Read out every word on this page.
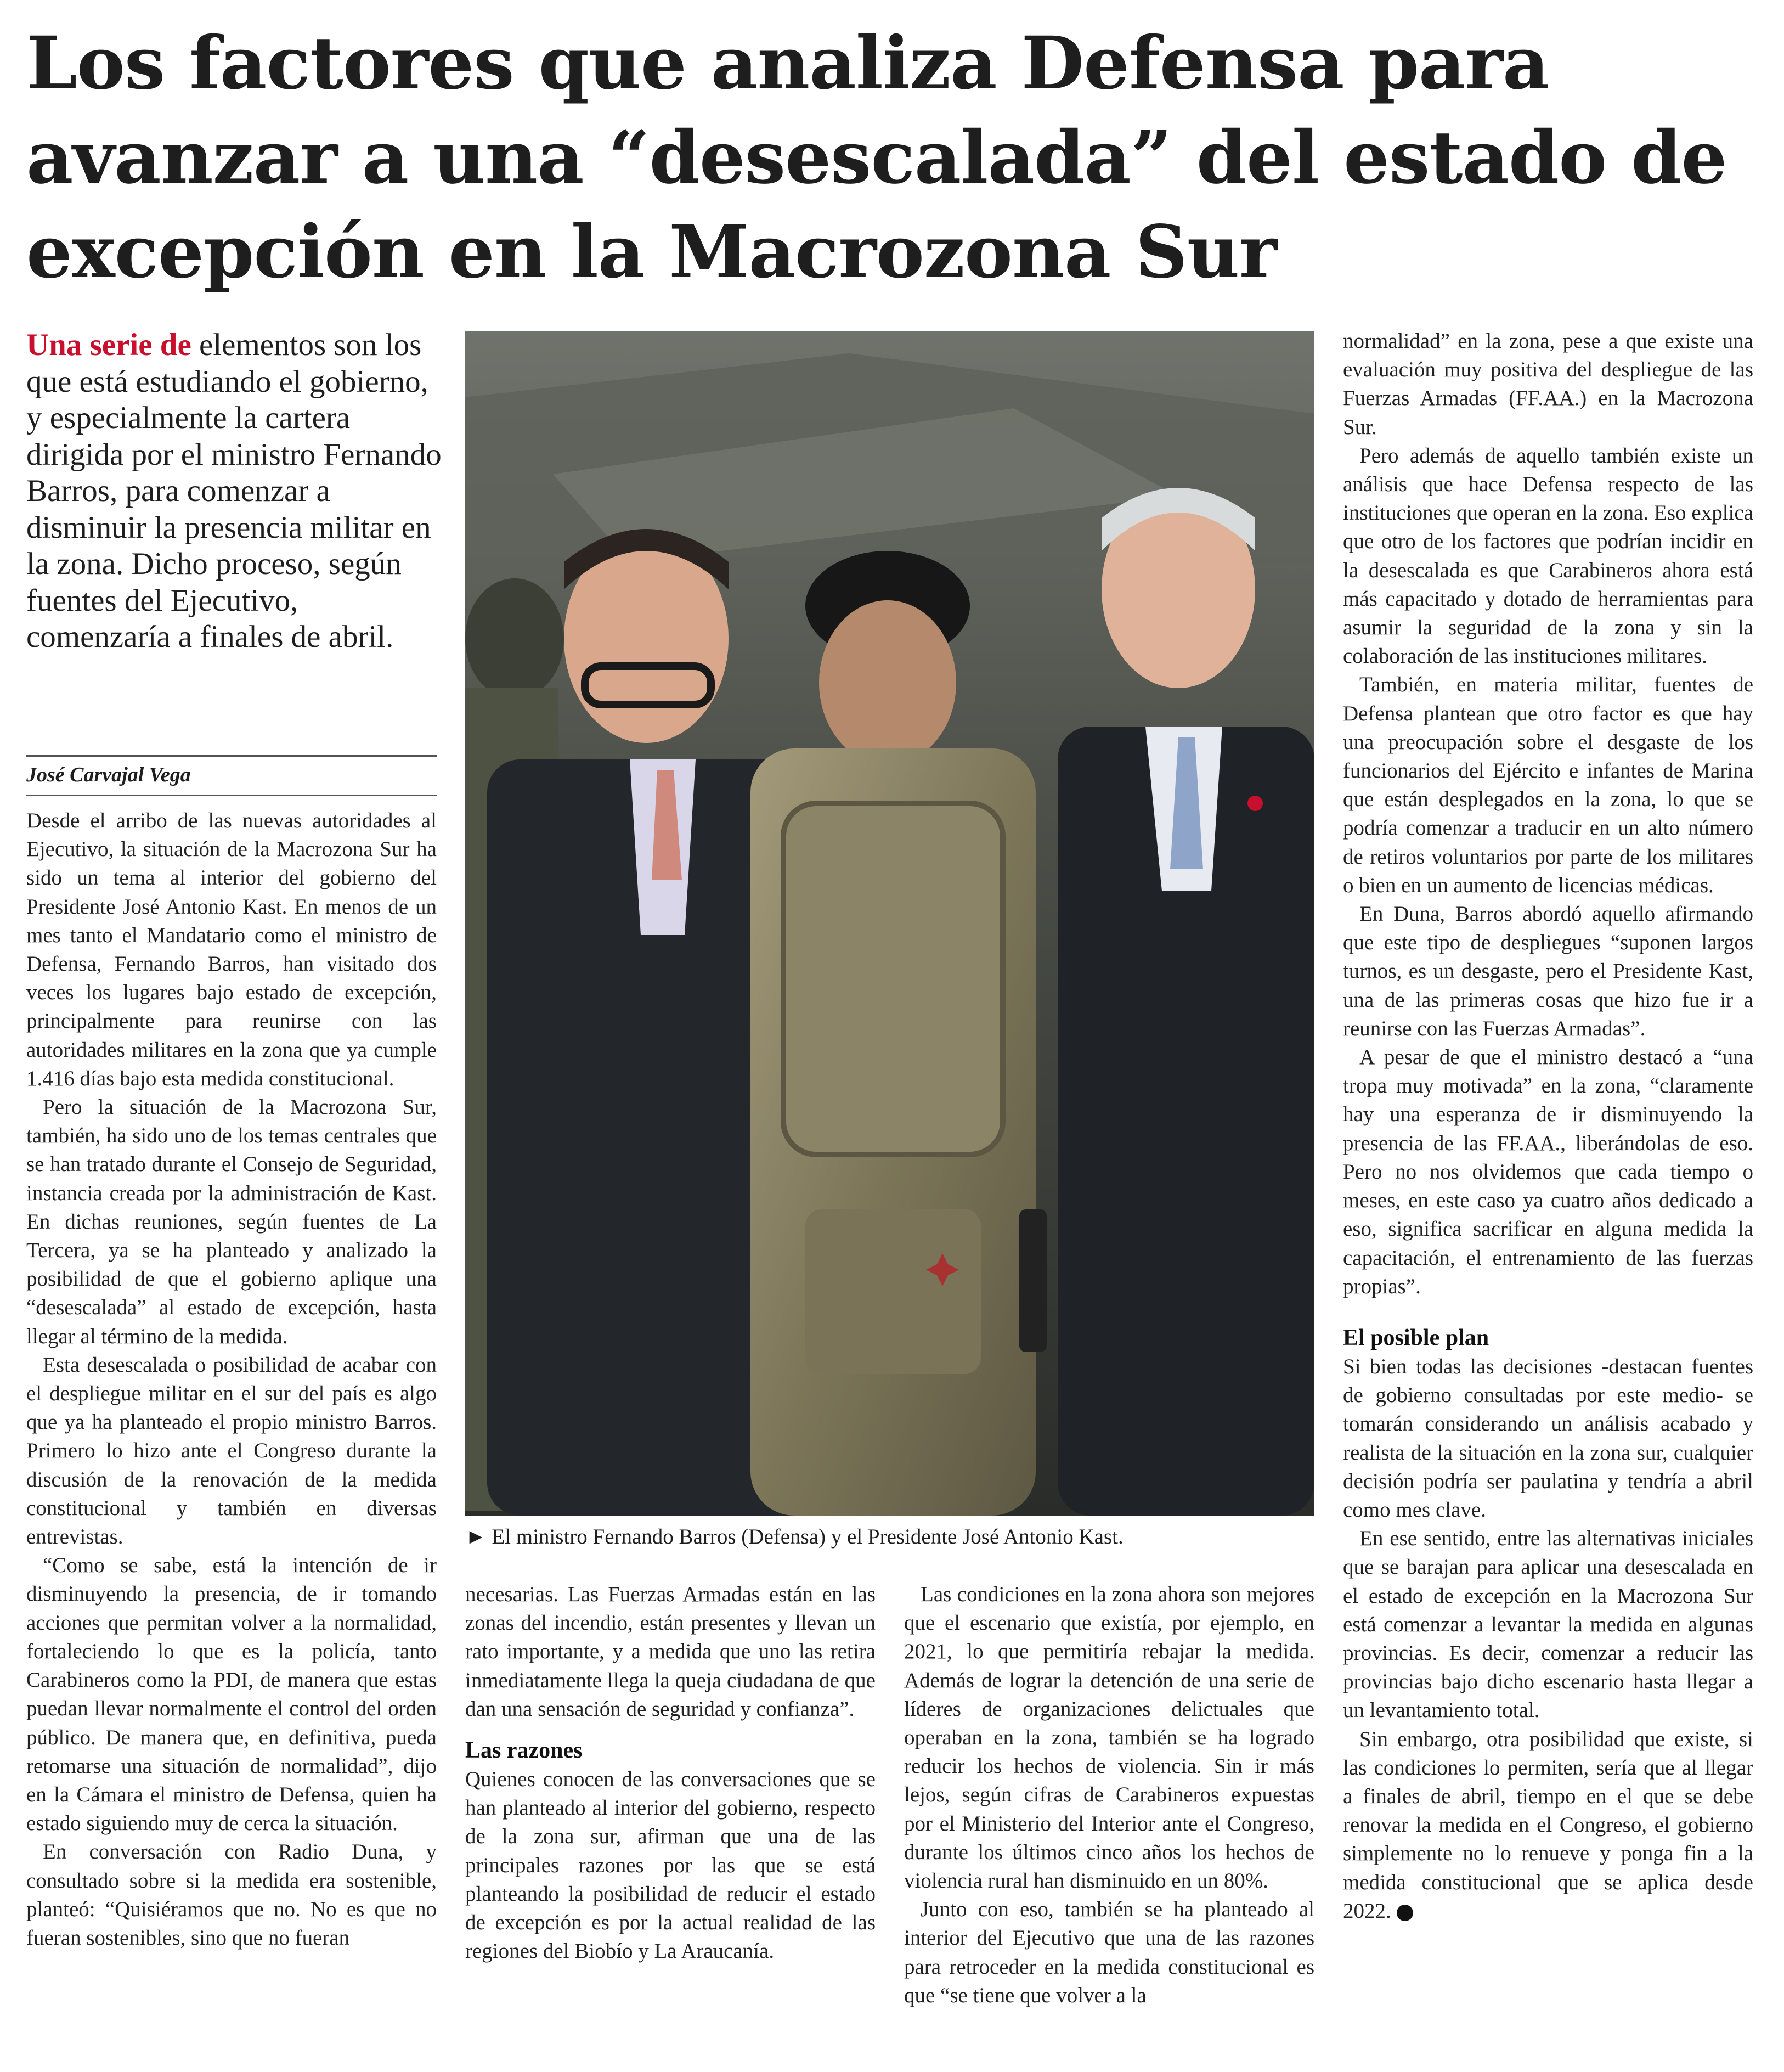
Los factores que analiza Defensa para avanzar a una “desescalada” del estado de excepción en la Macrozona Sur

Una serie de elementos son los que está estudiando el gobierno, y especialmente la cartera dirigida por el ministro Fernando Barros, para comenzar a disminuir la presencia militar en la zona. Dicho proceso, según fuentes del Ejecutivo, comenzaría a finales de abril.

José Carvajal Vega

Desde el arribo de las nuevas autoridades al Ejecutivo, la situación de la Macrozona Sur ha sido un tema al interior del gobierno del Presidente José Antonio Kast. En menos de un mes tanto el Mandatario como el ministro de Defensa, Fernando Barros, han visitado dos veces los lugares bajo estado de excepción, principalmente para reunirse con las autoridades militares en la zona que ya cumple 1.416 días bajo esta medida constitucional.

Pero la situación de la Macrozona Sur, también, ha sido uno de los temas centrales que se han tratado durante el Consejo de Seguridad, instancia creada por la administración de Kast. En dichas reuniones, según fuentes de La Tercera, ya se ha planteado y analizado la posibilidad de que el gobierno aplique una “desescalada” al estado de excepción, hasta llegar al término de la medida.

Esta desescalada o posibilidad de acabar con el despliegue militar en el sur del país es algo que ya ha planteado el propio ministro Barros. Primero lo hizo ante el Congreso durante la discusión de la renovación de la medida constitucional y también en diversas entrevistas.

“Como se sabe, está la intención de ir disminuyendo la presencia, de ir tomando acciones que permitan volver a la normalidad, fortaleciendo lo que es la policía, tanto Carabineros como la PDI, de manera que estas puedan llevar normalmente el control del orden público. De manera que, en definitiva, pueda retomarse una situación de normalidad”, dijo en la Cámara el ministro de Defensa, quien ha estado siguiendo muy de cerca la situación.

En conversación con Radio Duna, y consultado sobre si la medida era sostenible, planteó: “Quisiéramos que no. No es que no fueran sostenibles, sino que no fueran

► El ministro Fernando Barros (Defensa) y el Presidente José Antonio Kast.

necesarias. Las Fuerzas Armadas están en las zonas del incendio, están presentes y llevan un rato importante, y a medida que uno las retira inmediatamente llega la queja ciudadana de que dan una sensación de seguridad y confianza”.

Las razones

Quienes conocen de las conversaciones que se han planteado al interior del gobierno, respecto de la zona sur, afirman que una de las principales razones por las que se está planteando la posibilidad de reducir el estado de excepción es por la actual realidad de las regiones del Biobío y La Araucanía.

Las condiciones en la zona ahora son mejores que el escenario que existía, por ejemplo, en 2021, lo que permitiría rebajar la medida. Además de lograr la detención de una serie de líderes de organizaciones delictuales que operaban en la zona, también se ha logrado reducir los hechos de violencia. Sin ir más lejos, según cifras de Carabineros expuestas por el Ministerio del Interior ante el Congreso, durante los últimos cinco años los hechos de violencia rural han disminuido en un 80%.

Junto con eso, también se ha planteado al interior del Ejecutivo que una de las razones para retroceder en la medida constitucional es que “se tiene que volver a la

normalidad” en la zona, pese a que existe una evaluación muy positiva del despliegue de las Fuerzas Armadas (FF.AA.) en la Macrozona Sur.

Pero además de aquello también existe un análisis que hace Defensa respecto de las instituciones que operan en la zona. Eso explica que otro de los factores que podrían incidir en la desescalada es que Carabineros ahora está más capacitado y dotado de herramientas para asumir la seguridad de la zona y sin la colaboración de las instituciones militares.

También, en materia militar, fuentes de Defensa plantean que otro factor es que hay una preocupación sobre el desgaste de los funcionarios del Ejército e infantes de Marina que están desplegados en la zona, lo que se podría comenzar a traducir en un alto número de retiros voluntarios por parte de los militares o bien en un aumento de licencias médicas.

En Duna, Barros abordó aquello afirmando que este tipo de despliegues “suponen largos turnos, es un desgaste, pero el Presidente Kast, una de las primeras cosas que hizo fue ir a reunirse con las Fuerzas Armadas”.

A pesar de que el ministro destacó a “una tropa muy motivada” en la zona, “claramente hay una esperanza de ir disminuyendo la presencia de las FF.AA., liberándolas de eso. Pero no nos olvidemos que cada tiempo o meses, en este caso ya cuatro años dedicado a eso, significa sacrificar en alguna medida la capacitación, el entrenamiento de las fuerzas propias”.

El posible plan

Si bien todas las decisiones -destacan fuentes de gobierno consultadas por este medio- se tomarán considerando un análisis acabado y realista de la situación en la zona sur, cualquier decisión podría ser paulatina y tendría a abril como mes clave.

En ese sentido, entre las alternativas iniciales que se barajan para aplicar una desescalada en el estado de excepción en la Macrozona Sur está comenzar a levantar la medida en algunas provincias. Es decir, comenzar a reducir las provincias bajo dicho escenario hasta llegar a un levantamiento total.

Sin embargo, otra posibilidad que existe, si las condiciones lo permiten, sería que al llegar a finales de abril, tiempo en el que se debe renovar la medida en el Congreso, el gobierno simplemente no lo renueve y ponga fin a la medida constitucional que se aplica desde 2022.
